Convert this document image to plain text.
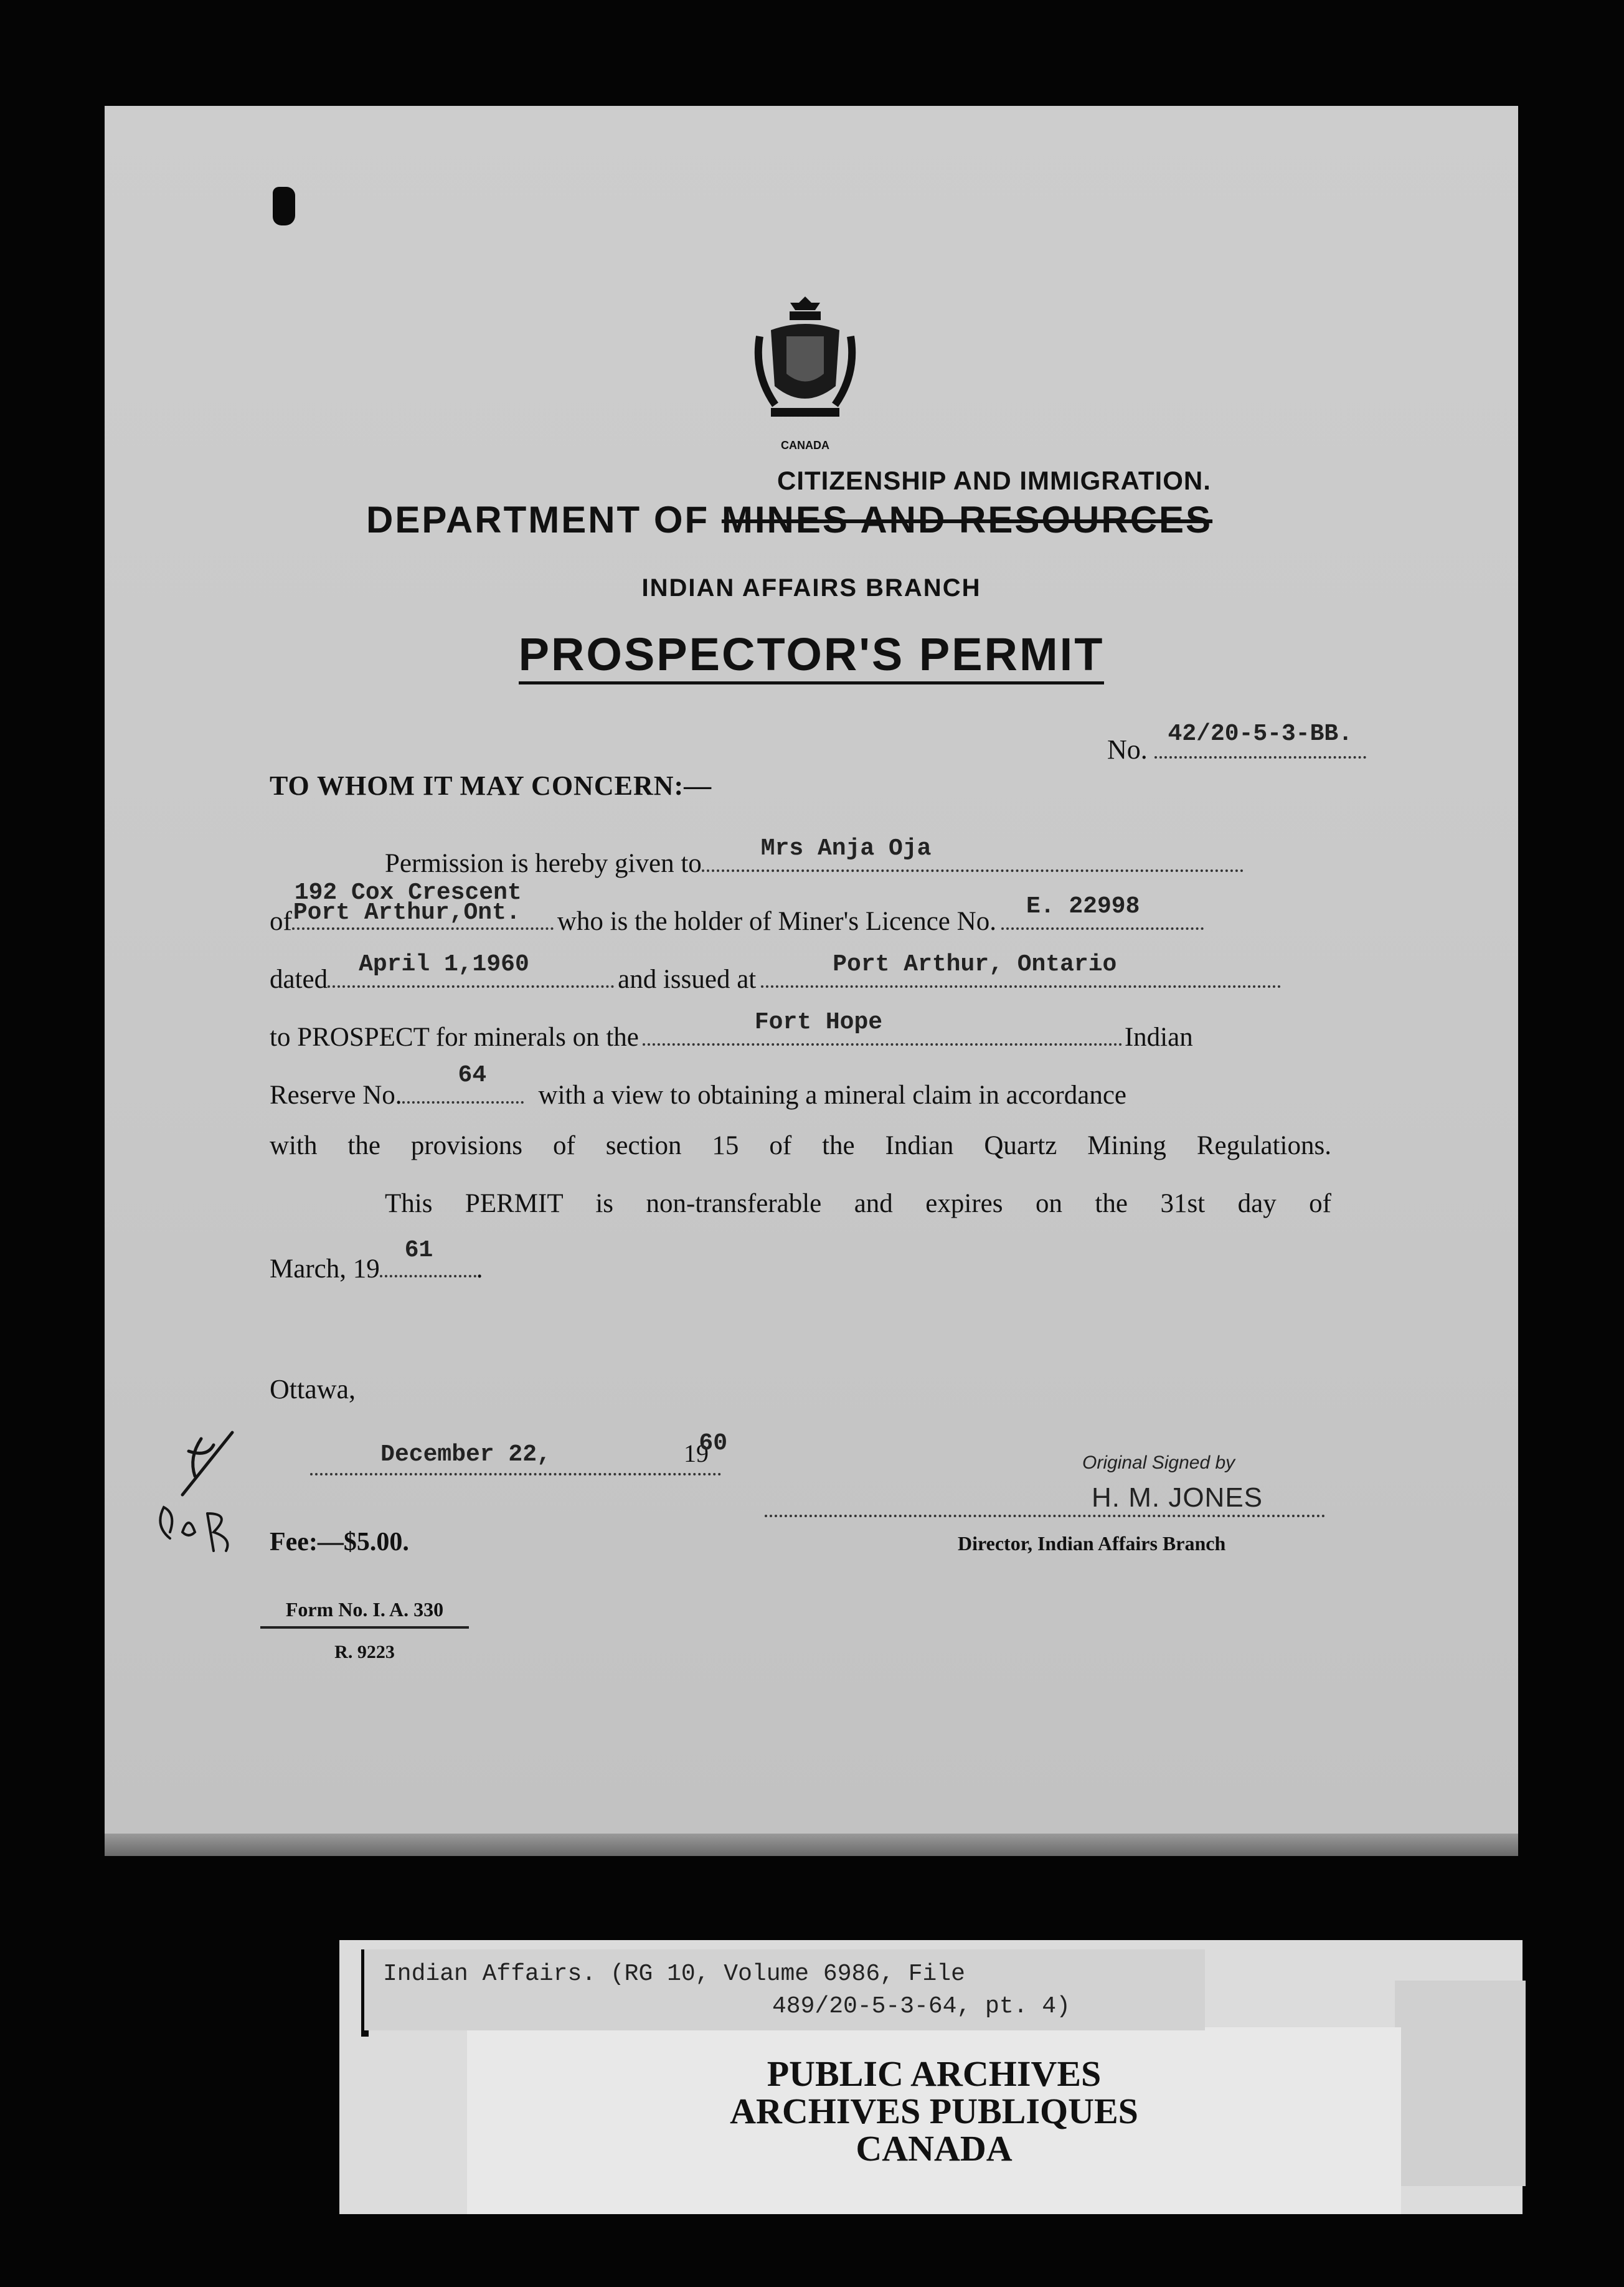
CANADA
CITIZENSHIP AND IMMIGRATION.
DEPARTMENT OF MINES AND RESOURCES
INDIAN AFFAIRS BRANCH
PROSPECTOR'S PERMIT
No.
42/20-5-3-BB.
TO WHOM IT MAY CONCERN:—
Permission is hereby given to
Mrs Anja Oja
of
192 Cox Crescent
Port Arthur,Ont.	who is the holder of Miner's Licence No.
E. 22998
dated
April 1,1960
and issued at
Port Arthur, Ontario
to PROSPECT for minerals on the
Fort Hope
Indian
Reserve No.
64
with a view to obtaining a mineral claim in accordance
with the provisions of section 15 of the Indian Quartz Mining Regulations.
This PERMIT is non-transferable and expires on the 31st day of
March, 19
61
.
Ottawa,
December 22,	19
60
Fee:—$5.00.
Form No. I. A. 330
R. 9223
Original Signed by
H. M. JONES
Director, Indian Affairs Branch
Indian Affairs. (RG 10, Volume 6986, File
489/20-5-3-64, pt. 4)
PUBLIC ARCHIVES
ARCHIVES PUBLIQUES
CANADA
